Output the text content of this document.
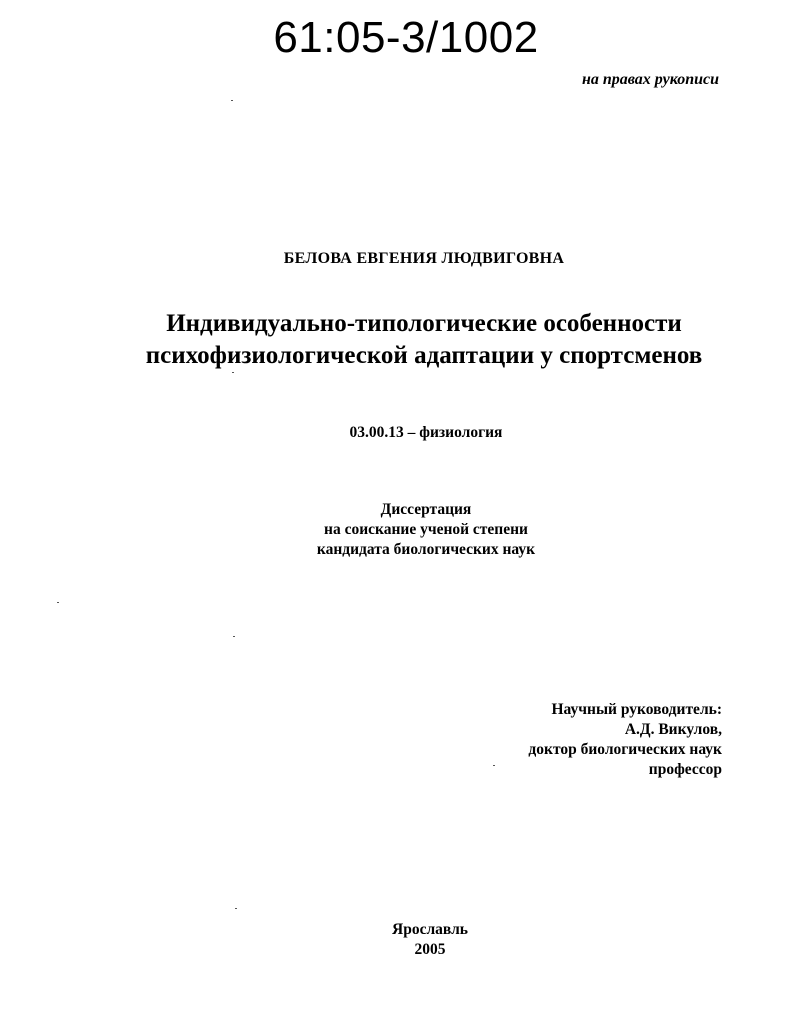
61:05-3/1002
на правах рукописи
БЕЛОВА ЕВГЕНИЯ ЛЮДВИГОВНА
Индивидуально-типологические особенности
психофизиологической адаптации у спортсменов
03.00.13 – физиология
Диссертация
на соискание ученой степени
кандидата биологических наук
Научный руководитель:
А.Д. Викулов,
доктор биологических наук
профессор
Ярославль
2005
